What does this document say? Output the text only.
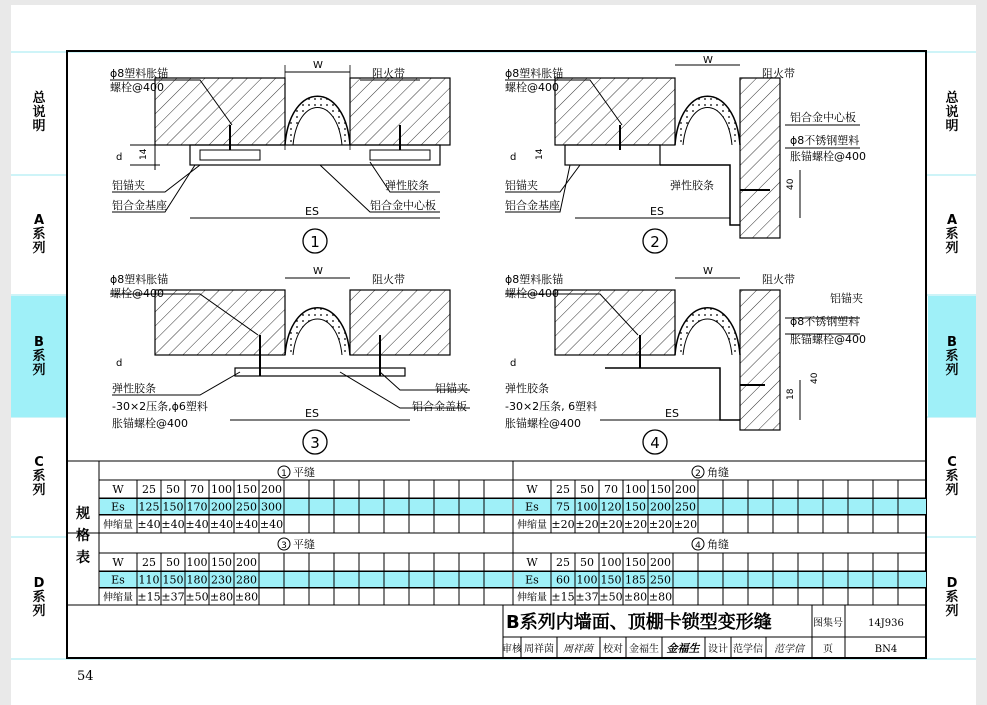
总
说
明
A
系
列
B
系
列
C
系
列
D
系
列
总
说
明
A
系
列
B
系
列
C
系
列
D
系
列
ϕ8塑料胀锚
螺栓@400
W
阻火带
d 14
铝锚夹
铝合金基座	ES
弹性胶条
铝合金中心板
1
ϕ8塑料胀锚
螺栓@400
W
阻火带
铝合金中心板
ϕ8不锈钢塑料
胀锚螺栓@400
d 14
铝锚夹
铝合金基座
弹性胶条
ES
40
2
ϕ8塑料胀锚
螺栓@400
W
阻火带
d
弹性胶条
-30×2压条,ϕ6塑料
胀锚螺栓@400
ES
铝锚夹
铝合金盖板
3
ϕ8塑料胀锚
螺栓@400
W
阻火带
铝锚夹
ϕ8不锈钢塑料
胀锚螺栓@400
d
弹性胶条
-30×2压条, 6塑料
胀锚螺栓@400
ES
40
18
4
规
格
表
1 平缝	2 角缝
3 平缝	4 角缝
W 25 50 70 100 150 200
Es 125 150 170 200 250 300
伸缩量 ±40 ±40 ±40 ±40 ±40 ±40
W 25 50 70 100 150 200
Es 75 100 120 150 200 250
伸缩量 ±20 ±20 ±20 ±20 ±20 ±20
W 25 50 100 150 200
Es 110 150 180 230 280
伸缩量 ±15 ±37 ±50 ±80 ±80
W 25 50 100 150 200
Es 60 100 150 185 250
伸缩量 ±15 ±37 ±50 ±80 ±80
B系列内墙面、顶棚卡锁型变形缝	图集号	14J936
审核 周祥茵 周祥茵 校对 金福生 金福生 设计 范学信 范学信 页	BN4
54
